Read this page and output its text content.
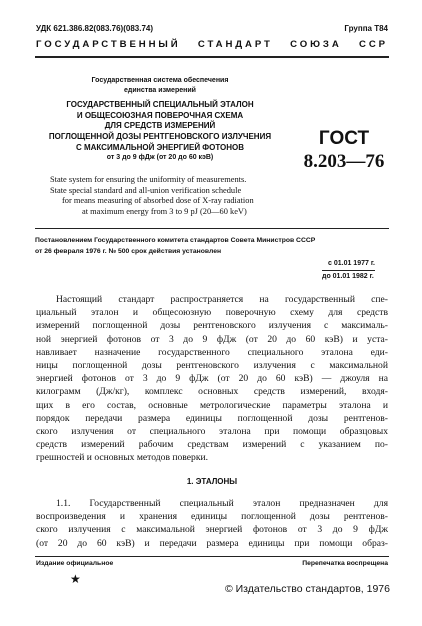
УДК 621.386.82(083.76)(083.74)	Группа Т84
ГОСУДАРСТВЕННЫЙ СТАНДАРТ СОЮЗА ССР
Государственная система обеспечения
единства измерений
ГОСУДАРСТВЕННЫЙ СПЕЦИАЛЬНЫЙ ЭТАЛОН
И ОБЩЕСОЮЗНАЯ ПОВЕРОЧНАЯ СХЕМА
ДЛЯ СРЕДСТВ ИЗМЕРЕНИЙ
ПОГЛОЩЕННОЙ ДОЗЫ РЕНТГЕНОВСКОГО ИЗЛУЧЕНИЯ
С МАКСИМАЛЬНОЙ ЭНЕРГИЕЙ ФОТОНОВ
от 3 до 9 фДж (от 20 до 60 кэВ)
ГОСТ
8.203—76
State system for ensuring the uniformity of measurements.
State special standard and all-union verification schedule
for means measuring of absorbed dose of X-ray radiation
at maximum energy from 3 to 9 pJ (20—60 keV)
Постановлением Государственного комитета стандартов Совета Министров СССР
от 26 февраля 1976 г. № 500 срок действия установлен
с 01.01 1977 г.
до 01.01 1982 г.
Настоящий стандарт распространяется на государственный спе-
циальный эталон и общесоюзную поверочную схему для средств
измерений поглощенной дозы рентгеновского излучения с максималь-
ной энергией фотонов от 3 до 9 фДж (от 20 до 60 кэВ) и уста-
навливает назначение государственного специального эталона еди-
ницы поглощенной дозы рентгеновского излучения с максимальной
энергией фотонов от 3 до 9 фДж (от 20 до 60 кэВ) — джоуля на
килограмм (Дж/кг), комплекс основных средств измерений, входя-
щих в его состав, основные метрологические параметры эталона и
порядок передачи размера единицы поглощенной дозы рентгенов-
ского излучения от специального эталона при помощи образцовых
средств измерений рабочим средствам измерений с указанием по-
грешностей и основных методов поверки.
1. ЭТАЛОНЫ
1.1. Государственный специальный эталон предназначен для
воспроизведения и хранения единицы поглощенной дозы рентгенов-
ского излучения с максимальной энергией фотонов от 3 до 9 фДж
(от 20 до 60 кэВ) и передачи размера единицы при помощи образ-
Издание официальное	Перепечатка воспрещена
★
© Издательство стандартов, 1976
